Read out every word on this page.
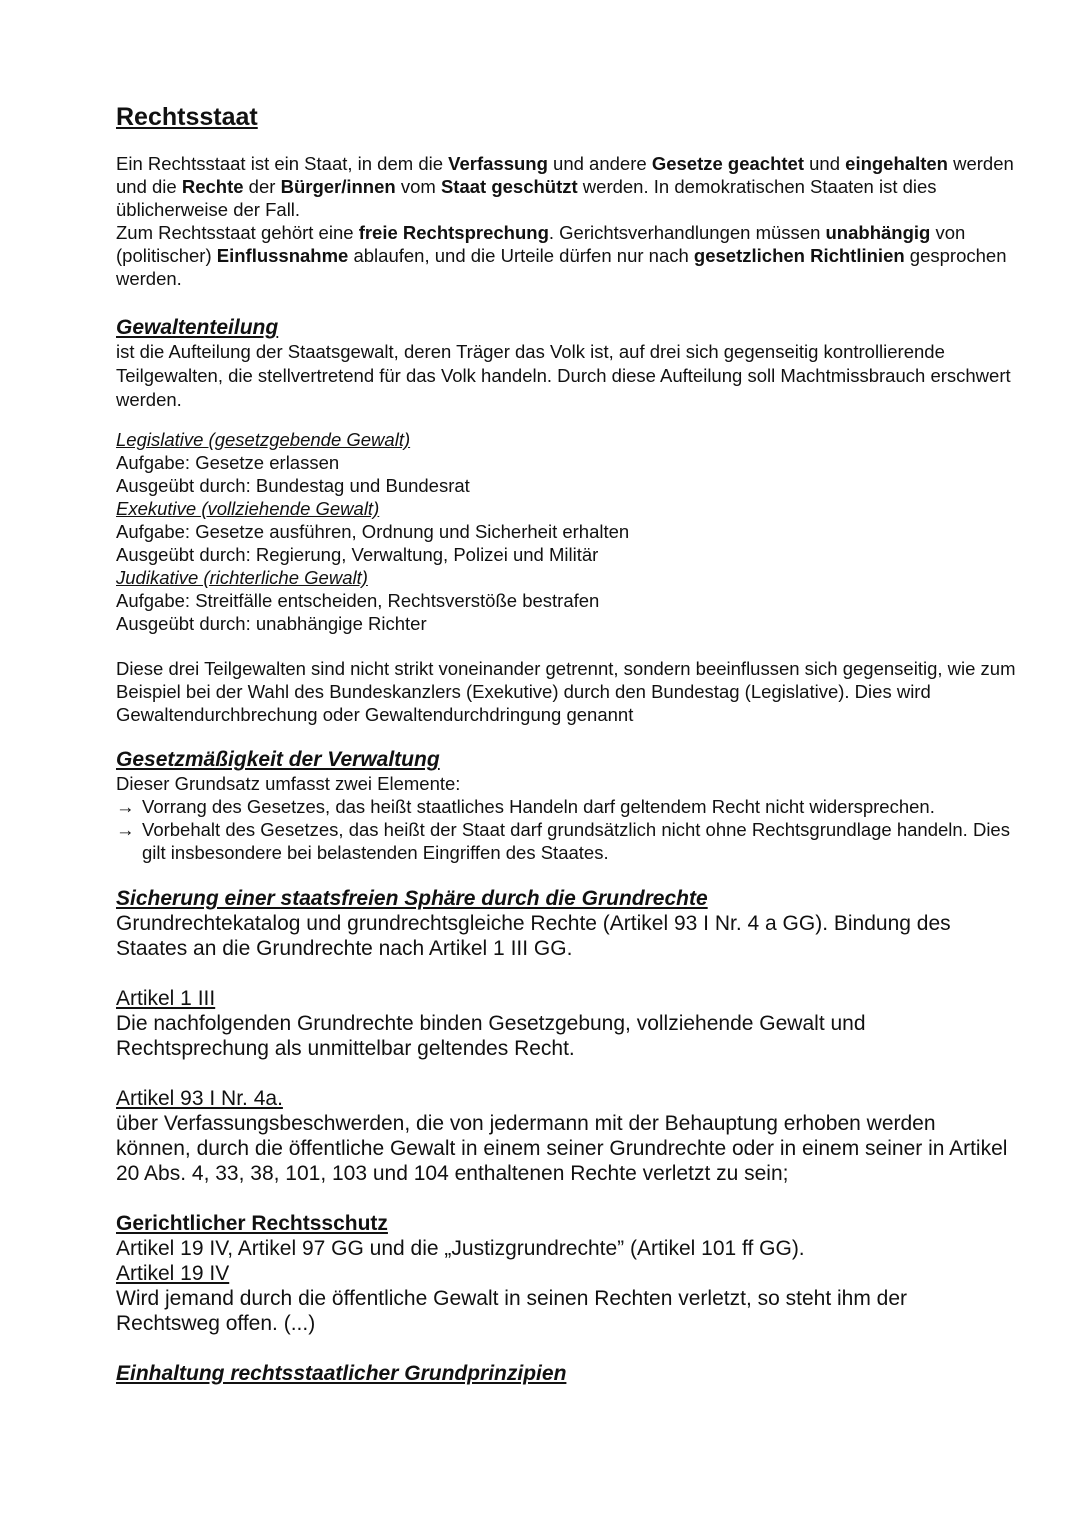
Rechtsstaat

Ein Rechtsstaat ist ein Staat, in dem die Verfassung und andere Gesetze geachtet und eingehalten werden und die Rechte der Bürger/innen vom Staat geschützt werden. In demokratischen Staaten ist dies üblicherweise der Fall.

Zum Rechtsstaat gehört eine freie Rechtsprechung. Gerichtsverhandlungen müssen unabhängig von (politischer) Einflussnahme ablaufen, und die Urteile dürfen nur nach gesetzlichen Richtlinien gesprochen werden.

Gewaltenteilung

ist die Aufteilung der Staatsgewalt, deren Träger das Volk ist, auf drei sich gegenseitig kontrollierende Teilgewalten, die stellvertretend für das Volk handeln. Durch diese Aufteilung soll Machtmissbrauch erschwert werden.

Legislative (gesetzgebende Gewalt)

Aufgabe: Gesetze erlassen

Ausgeübt durch: Bundestag und Bundesrat

Exekutive (vollziehende Gewalt)

Aufgabe: Gesetze ausführen, Ordnung und Sicherheit erhalten

Ausgeübt durch: Regierung, Verwaltung, Polizei und Militär

Judikative (richterliche Gewalt)

Aufgabe: Streitfälle entscheiden, Rechtsverstöße bestrafen

Ausgeübt durch: unabhängige Richter

Diese drei Teilgewalten sind nicht strikt voneinander getrennt, sondern beeinflussen sich gegenseitig, wie zum Beispiel bei der Wahl des Bundeskanzlers (Exekutive) durch den Bundestag (Legislative). Dies wird Gewaltendurchbrechung oder Gewaltendurchdringung genannt

Gesetzmäßigkeit der Verwaltung

Dieser Grundsatz umfasst zwei Elemente:

→ Vorrang des Gesetzes, das heißt staatliches Handeln darf geltendem Recht nicht widersprechen.
→ Vorbehalt des Gesetzes, das heißt der Staat darf grundsätzlich nicht ohne Rechtsgrundlage handeln. Dies gilt insbesondere bei belastenden Eingriffen des Staates.

Sicherung einer staatsfreien Sphäre durch die Grundrechte

Grundrechtekatalog und grundrechtsgleiche Rechte (Artikel 93 I Nr. 4 a GG). Bindung des Staates an die Grundrechte nach Artikel 1 III GG.

Artikel 1 III

Die nachfolgenden Grundrechte binden Gesetzgebung, vollziehende Gewalt und Rechtsprechung als unmittelbar geltendes Recht.

Artikel 93 I Nr. 4a.

über Verfassungsbeschwerden, die von jedermann mit der Behauptung erhoben werden können, durch die öffentliche Gewalt in einem seiner Grundrechte oder in einem seiner in Artikel 20 Abs. 4, 33, 38, 101, 103 und 104 enthaltenen Rechte verletzt zu sein;

Gerichtlicher Rechtsschutz

Artikel 19 IV, Artikel 97 GG und die „Justizgrundrechte” (Artikel 101 ff GG).

Artikel 19 IV

Wird jemand durch die öffentliche Gewalt in seinen Rechten verletzt, so steht ihm der Rechtsweg offen. (...)

Einhaltung rechtsstaatlicher Grundprinzipien
